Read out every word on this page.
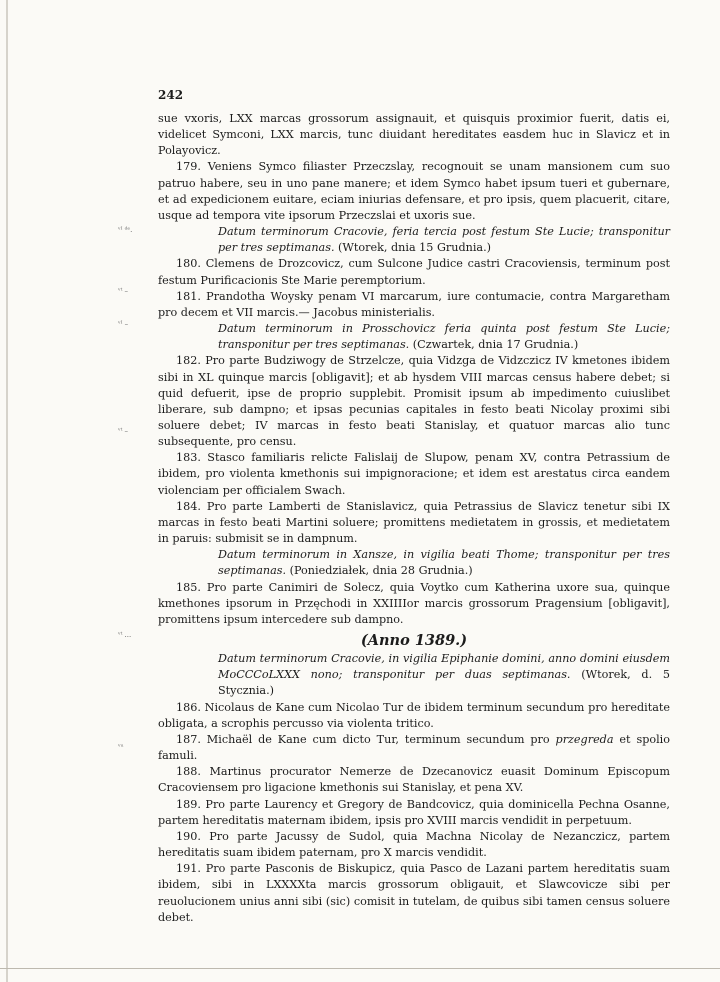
242
ᵛᴵ ᵈᵉ.
ᵛᵗ –
ᵛᴵ –
ᵛᵗ –
ᵛᵗ ...
ᵛᵘ

sue vxoris, LXX marcas grossorum assignauit, et quisquis proximior fuerit, datis ei, videlicet Symconi, LXX marcis, tunc diuidant hereditates easdem huc in Slavicz et in Polayovicz.

179. Veniens Symco filiaster Przeczslay, recognouit se unam mansionem cum suo patruo habere, seu in uno pane manere; et idem Symco habet ipsum tueri et gubernare, et ad expedicionem euitare, eciam iniurias defensare, et pro ipsis, quem placuerit, citare, usque ad tempora vite ipsorum Przeczslai et uxoris sue.

Datum terminorum Cracovie, feria tercia post festum Ste Lucie; transponitur per tres septimanas. (Wtorek, dnia 15 Grudnia.)

180. Clemens de Drozcovicz, cum Sulcone Judice castri Cracoviensis, terminum post festum Purificacionis Ste Marie peremptorium.

181. Prandotha Woysky penam VI marcarum, iure contumacie, contra Margaretham pro decem et VII marcis.— Jacobus ministerialis.

Datum terminorum in Prosschovicz feria quinta post festum Ste Lucie; transponitur per tres septimanas. (Czwartek, dnia 17 Grudnia.)

182. Pro parte Budziwogy de Strzelcze, quia Vidzga de Vidzczicz IV kmetones ibidem sibi in XL quinque marcis [obligavit]; et ab hysdem VIII marcas census habere debet; si quid defuerit, ipse de proprio supplebit. Promisit ipsum ab impedimento cuiuslibet liberare, sub dampno; et ipsas pecunias capitales in festo beati Nicolay proximi sibi soluere debet; IV marcas in festo beati Stanislay, et quatuor marcas alio tunc subsequente, pro censu.

183. Stasco familiaris relicte Falislaij de Slupow, penam XV, contra Petrassium de ibidem, pro violenta kmethonis sui impignoracione; et idem est arestatus circa eandem violenciam per officialem Swach.

184. Pro parte Lamberti de Stanislavicz, quia Petrassius de Slavicz tenetur sibi IX marcas in festo beati Martini soluere; promittens medietatem in grossis, et medietatem in paruis: submisit se in dampnum.

Datum terminorum in Xansze, in vigilia beati Thome; transponitur per tres septimanas. (Poniedziałek, dnia 28 Grudnia.)

185. Pro parte Canimiri de Solecz, quia Voytko cum Katherina uxore sua, quinque kmethones ipsorum in Przęchodi in XXIIIIor marcis grossorum Pragensium [obligavit], promittens ipsum intercedere sub dampno.

(Anno 1389.)

Datum terminorum Cracovie, in vigilia Epiphanie domini, anno domini eiusdem MoCCCoLXXX nono; transponitur per duas septimanas. (Wtorek, d. 5 Stycznia.)

186. Nicolaus de Kane cum Nicolao Tur de ibidem terminum secundum pro hereditate obligata, a scrophis percusso via violenta tritico.

187. Michaël de Kane cum dicto Tur, terminum secundum pro przegreda et spolio famuli.

188. Martinus procurator Nemerze de Dzecanovicz euasit Dominum Episcopum Cracoviensem pro ligacione kmethonis sui Stanislay, et pena XV.

189. Pro parte Laurency et Gregory de Bandcovicz, quia dominicella Pechna Osanne, partem hereditatis maternam ibidem, ipsis pro XVIII marcis vendidit in perpetuum.

190. Pro parte Jacussy de Sudol, quia Machna Nicolay de Nezanczicz, partem hereditatis suam ibidem paternam, pro X marcis vendidit.

191. Pro parte Pasconis de Biskupicz, quia Pasco de Lazani partem hereditatis suam ibidem, sibi in LXXXXta marcis grossorum obligauit, et Slawcovicze sibi per reuolucionem unius anni sibi (sic) comisit in tutelam, de quibus sibi tamen census soluere debet.
